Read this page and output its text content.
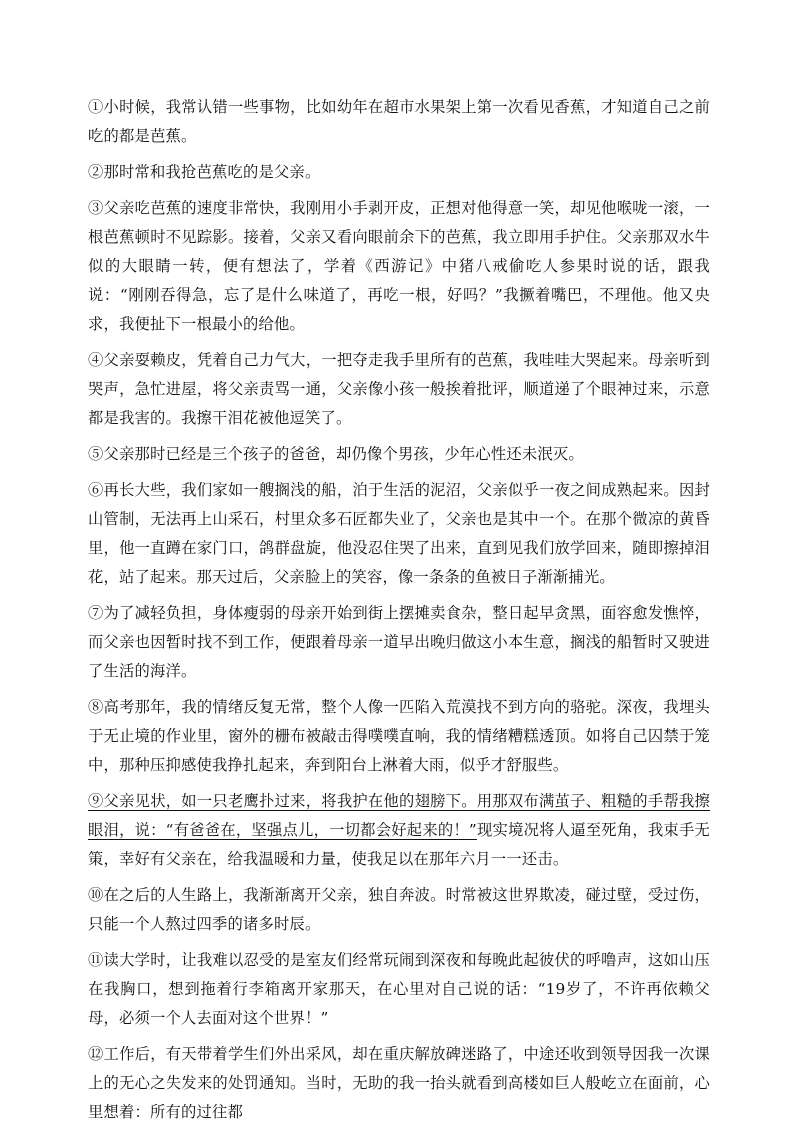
①小时候，我常认错一些事物，比如幼年在超市水果架上第一次看见香蕉，才知道自己之前吃的都是芭蕉。

②那时常和我抢芭蕉吃的是父亲。

③父亲吃芭蕉的速度非常快，我刚用小手剥开皮，正想对他得意一笑，却见他喉咙一滚，一根芭蕉顿时不见踪影。接着，父亲又看向眼前余下的芭蕉，我立即用手护住。父亲那双水牛似的大眼睛一转，便有想法了，学着《西游记》中猪八戒偷吃人参果时说的话，跟我说：“刚刚吞得急，忘了是什么味道了，再吃一根，好吗？”我撅着嘴巴，不理他。他又央求，我便扯下一根最小的给他。

④父亲耍赖皮，凭着自己力气大，一把夺走我手里所有的芭蕉，我哇哇大哭起来。母亲听到哭声，急忙进屋，将父亲责骂一通，父亲像小孩一般挨着批评，顺道递了个眼神过来，示意都是我害的。我擦干泪花被他逗笑了。

⑤父亲那时已经是三个孩子的爸爸，却仍像个男孩，少年心性还未泯灭。

⑥再长大些，我们家如一艘搁浅的船，泊于生活的泥沼，父亲似乎一夜之间成熟起来。因封山管制，无法再上山采石，村里众多石匠都失业了，父亲也是其中一个。在那个微凉的黄昏里，他一直蹲在家门口，鸽群盘旋，他没忍住哭了出来，直到见我们放学回来，随即擦掉泪花，站了起来。那天过后，父亲脸上的笑容，像一条条的鱼被日子渐渐捕光。

⑦为了减轻负担，身体瘦弱的母亲开始到街上摆摊卖食杂，整日起早贪黑，面容愈发憔悴，而父亲也因暂时找不到工作，便跟着母亲一道早出晚归做这小本生意，搁浅的船暂时又驶进了生活的海洋。

⑧高考那年，我的情绪反复无常，整个人像一匹陷入荒漠找不到方向的骆驼。深夜，我埋头于无止境的作业里，窗外的栅布被敲击得噗噗直响，我的情绪糟糕透顶。如将自己囚禁于笼中，那种压抑感使我挣扎起来，奔到阳台上淋着大雨，似乎才舒服些。

⑨父亲见状，如一只老鹰扑过来，将我护在他的翅膀下。用那双布满茧子、粗糙的手帮我擦眼泪，说：“有爸爸在，坚强点儿，一切都会好起来的！”现实境况将人逼至死角，我束手无策，幸好有父亲在，给我温暖和力量，使我足以在那年六月一一还击。

⑩在之后的人生路上，我渐渐离开父亲，独自奔波。时常被这世界欺凌，碰过壁，受过伤，只能一个人熬过四季的诸多时辰。

⑪读大学时，让我难以忍受的是室友们经常玩闹到深夜和每晚此起彼伏的呼噜声，这如山压在我胸口，想到拖着行李箱离开家那天，在心里对自己说的话：“19岁了，不许再依赖父母，必须一个人去面对这个世界！”

⑫工作后，有天带着学生们外出采风，却在重庆解放碑迷路了，中途还收到领导因我一次课上的无心之失发来的处罚通知。当时，无助的我一抬头就看到高楼如巨人般屹立在面前，心里想着：所有的过往都
